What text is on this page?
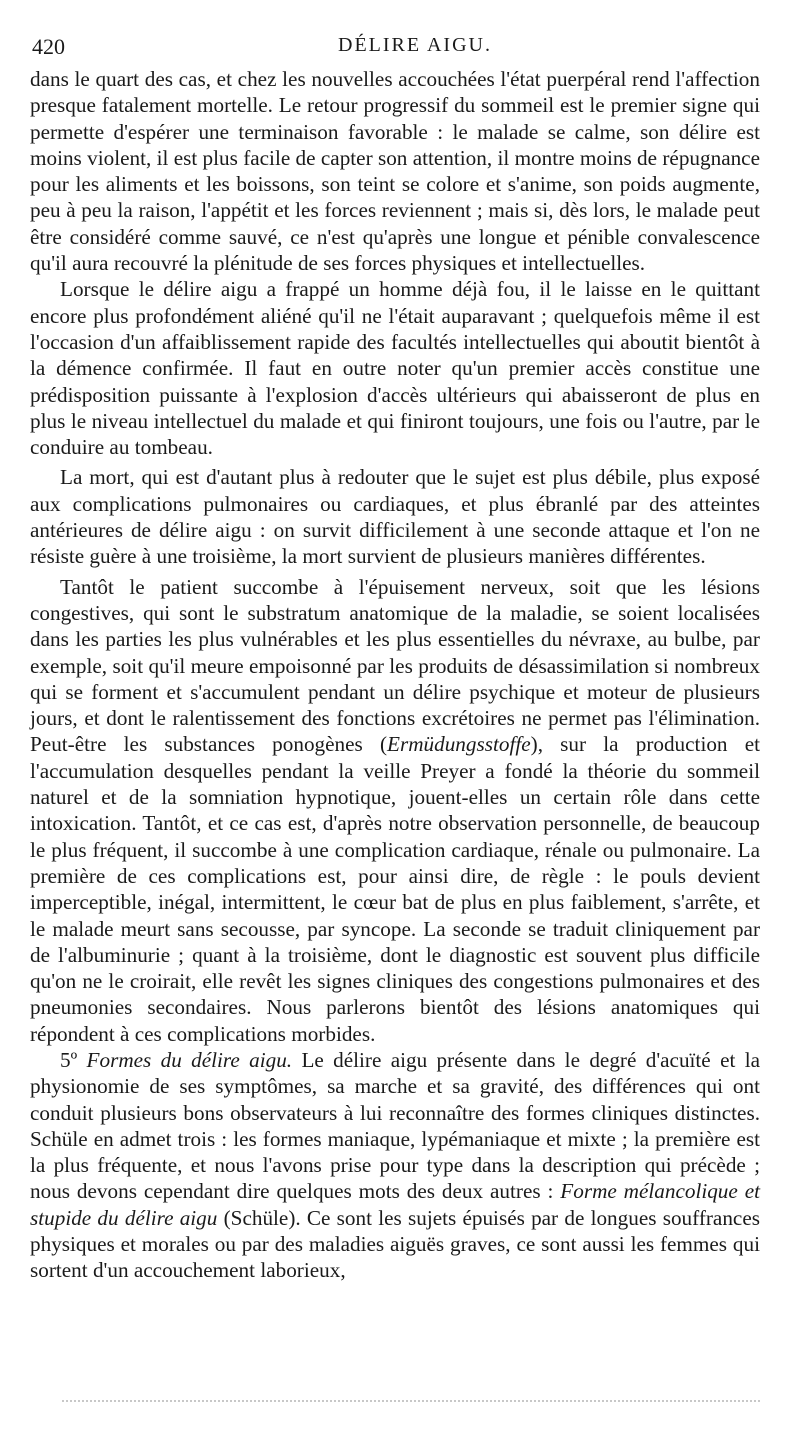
420	DÉLIRE AIGU.

dans le quart des cas, et chez les nouvelles accouchées l'état puerpéral rend l'affection presque fatalement mortelle. Le retour progressif du sommeil est le premier signe qui permette d'espérer une terminaison favorable : le malade se calme, son délire est moins violent, il est plus facile de capter son attention, il montre moins de répugnance pour les aliments et les boissons, son teint se colore et s'anime, son poids augmente, peu à peu la raison, l'appétit et les forces reviennent ; mais si, dès lors, le malade peut être considéré comme sauvé, ce n'est qu'après une longue et pénible convalescence qu'il aura recouvré la plénitude de ses forces physiques et intellectuelles.

Lorsque le délire aigu a frappé un homme déjà fou, il le laisse en le quittant encore plus profondément aliéné qu'il ne l'était auparavant ; quelquefois même il est l'occasion d'un affaiblissement rapide des facultés intellectuelles qui aboutit bientôt à la démence confirmée. Il faut en outre noter qu'un premier accès constitue une prédisposition puissante à l'explosion d'accès ultérieurs qui abaisseront de plus en plus le niveau intellectuel du malade et qui finiront toujours, une fois ou l'autre, par le conduire au tombeau.

La mort, qui est d'autant plus à redouter que le sujet est plus débile, plus exposé aux complications pulmonaires ou cardiaques, et plus ébranlé par des atteintes antérieures de délire aigu : on survit difficilement à une seconde attaque et l'on ne résiste guère à une troisième, la mort survient de plusieurs manières différentes.

Tantôt le patient succombe à l'épuisement nerveux, soit que les lésions congestives, qui sont le substratum anatomique de la maladie, se soient localisées dans les parties les plus vulnérables et les plus essentielles du névraxe, au bulbe, par exemple, soit qu'il meure empoisonné par les produits de désassimilation si nombreux qui se forment et s'accumulent pendant un délire psychique et moteur de plusieurs jours, et dont le ralentissement des fonctions excrétoires ne permet pas l'élimination. Peut-être les substances ponogènes (Ermüdungsstoffe), sur la production et l'accumulation desquelles pendant la veille Preyer a fondé la théorie du sommeil naturel et de la somniation hypnotique, jouent-elles un certain rôle dans cette intoxication. Tantôt, et ce cas est, d'après notre observation personnelle, de beaucoup le plus fréquent, il succombe à une complication cardiaque, rénale ou pulmonaire. La première de ces complications est, pour ainsi dire, de règle : le pouls devient imperceptible, inégal, intermittent, le cœur bat de plus en plus faiblement, s'arrête, et le malade meurt sans secousse, par syncope. La seconde se traduit cliniquement par de l'albuminurie ; quant à la troisième, dont le diagnostic est souvent plus difficile qu'on ne le croirait, elle revêt les signes cliniques des congestions pulmonaires et des pneumonies secondaires. Nous parlerons bientôt des lésions anatomiques qui répondent à ces complications morbides.

5º Formes du délire aigu. Le délire aigu présente dans le degré d'acuïté et la physionomie de ses symptômes, sa marche et sa gravité, des différences qui ont conduit plusieurs bons observateurs à lui reconnaître des formes cliniques distinctes. Schüle en admet trois : les formes maniaque, lypémaniaque et mixte ; la première est la plus fréquente, et nous l'avons prise pour type dans la description qui précède ; nous devons cependant dire quelques mots des deux autres : Forme mélancolique et stupide du délire aigu (Schüle). Ce sont les sujets épuisés par de longues souffrances physiques et morales ou par des maladies aiguës graves, ce sont aussi les femmes qui sortent d'un accouchement laborieux,
